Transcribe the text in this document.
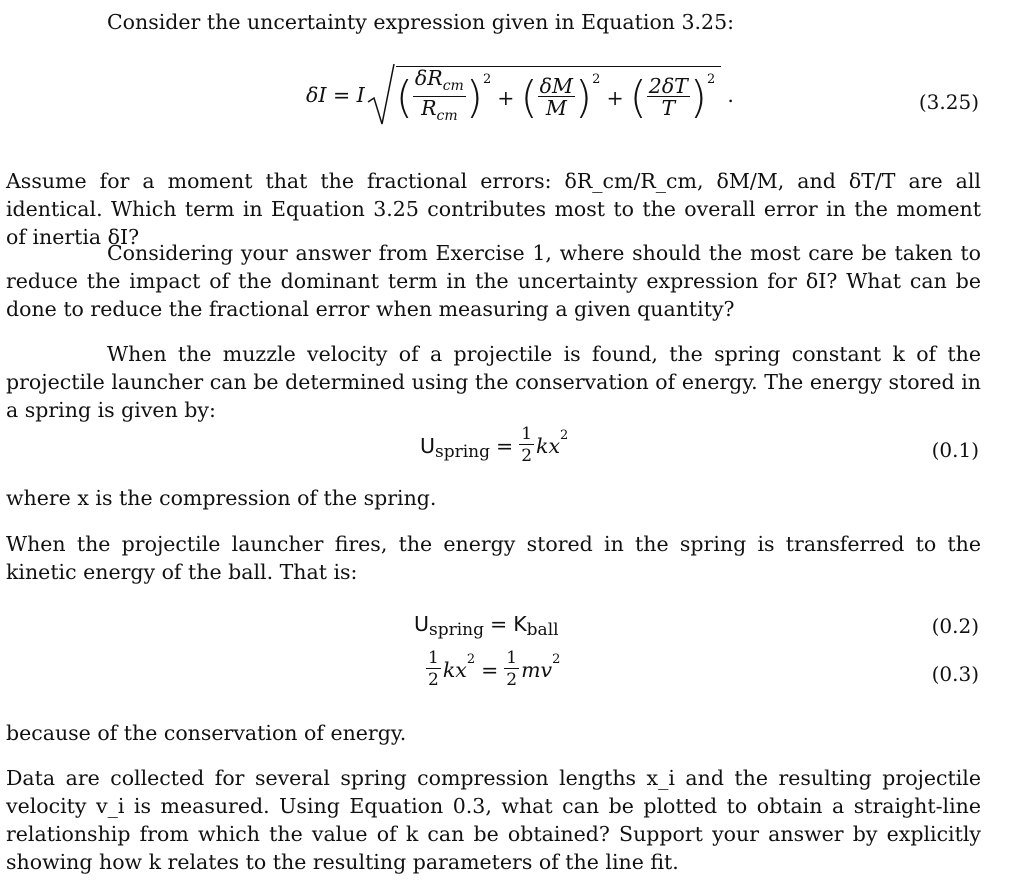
Consider the uncertainty expression given in Equation 3.25:
δI = I ( $\frac{\delta R_{cm}}{R_{cm}} )^2$
+ ( $\frac{\delta M}{M} )^2$
+ ( $\frac{2\delta T}{T} )^2$
.	(3.25)
Assume for a moment that the fractional errors: δR_cm/R_cm, δM/M, and δT/T are all identical. Which term in Equation 3.25 contributes most to the overall error in the moment of inertia δI?
Considering your answer from Exercise 1, where should the most care be taken to reduce the impact of the dominant term in the uncertainty expression for δI? What can be done to reduce the fractional error when measuring a given quantity?
When the muzzle velocity of a projectile is found, the spring constant k of the projectile launcher can be determined using the conservation of energy. The energy stored in a spring is given by:
$U_{spring} = \frac{1}{2} kx^2$
(0.1)
where x is the compression of the spring.
When the projectile launcher fires, the energy stored in the spring is transferred to the kinetic energy of the ball. That is:
$U_{spring} = K_{ball}$	(0.2)
$\frac{1}{2} kx^2 = \frac{1}{2} mv^2$
(0.3)
because of the conservation of energy.
Data are collected for several spring compression lengths x_i and the resulting projectile velocity v_i is measured. Using Equation 0.3, what can be plotted to obtain a straight-line relationship from which the value of k can be obtained? Support your answer by explicitly showing how k relates to the resulting parameters of the line fit.
